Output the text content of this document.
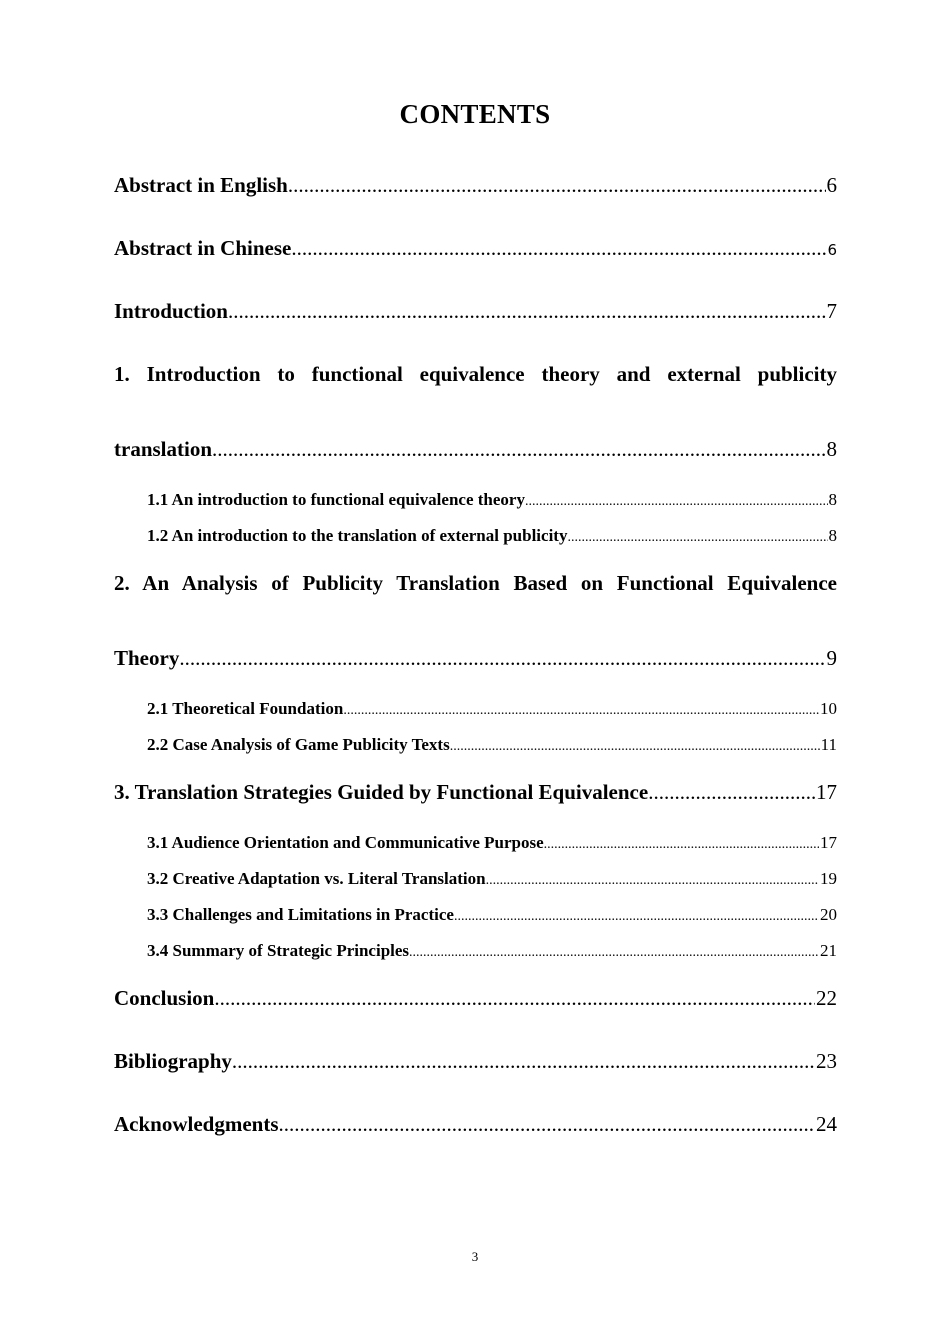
CONTENTS
Abstract in English .....	6
Abstract in Chinese .....	6
Introduction .....	7
1. Introduction to functional equivalence theory and external publicity
translation .....	8
1.1 An introduction to functional equivalence theory .....	8
1.2 An introduction to the translation of external publicity .....	8
2. An Analysis of Publicity Translation Based on Functional Equivalence
Theory .....	9
2.1 Theoretical Foundation .....	10
2.2 Case Analysis of Game Publicity Texts .....	11
3. Translation Strategies Guided by Functional Equivalence .....	17
3.1 Audience Orientation and Communicative Purpose .....	17
3.2 Creative Adaptation vs. Literal Translation .....	19
3.3 Challenges and Limitations in Practice .....	20
3.4 Summary of Strategic Principles .....	21
Conclusion .....	22
Bibliography .....	23
Acknowledgments .....	24
3
